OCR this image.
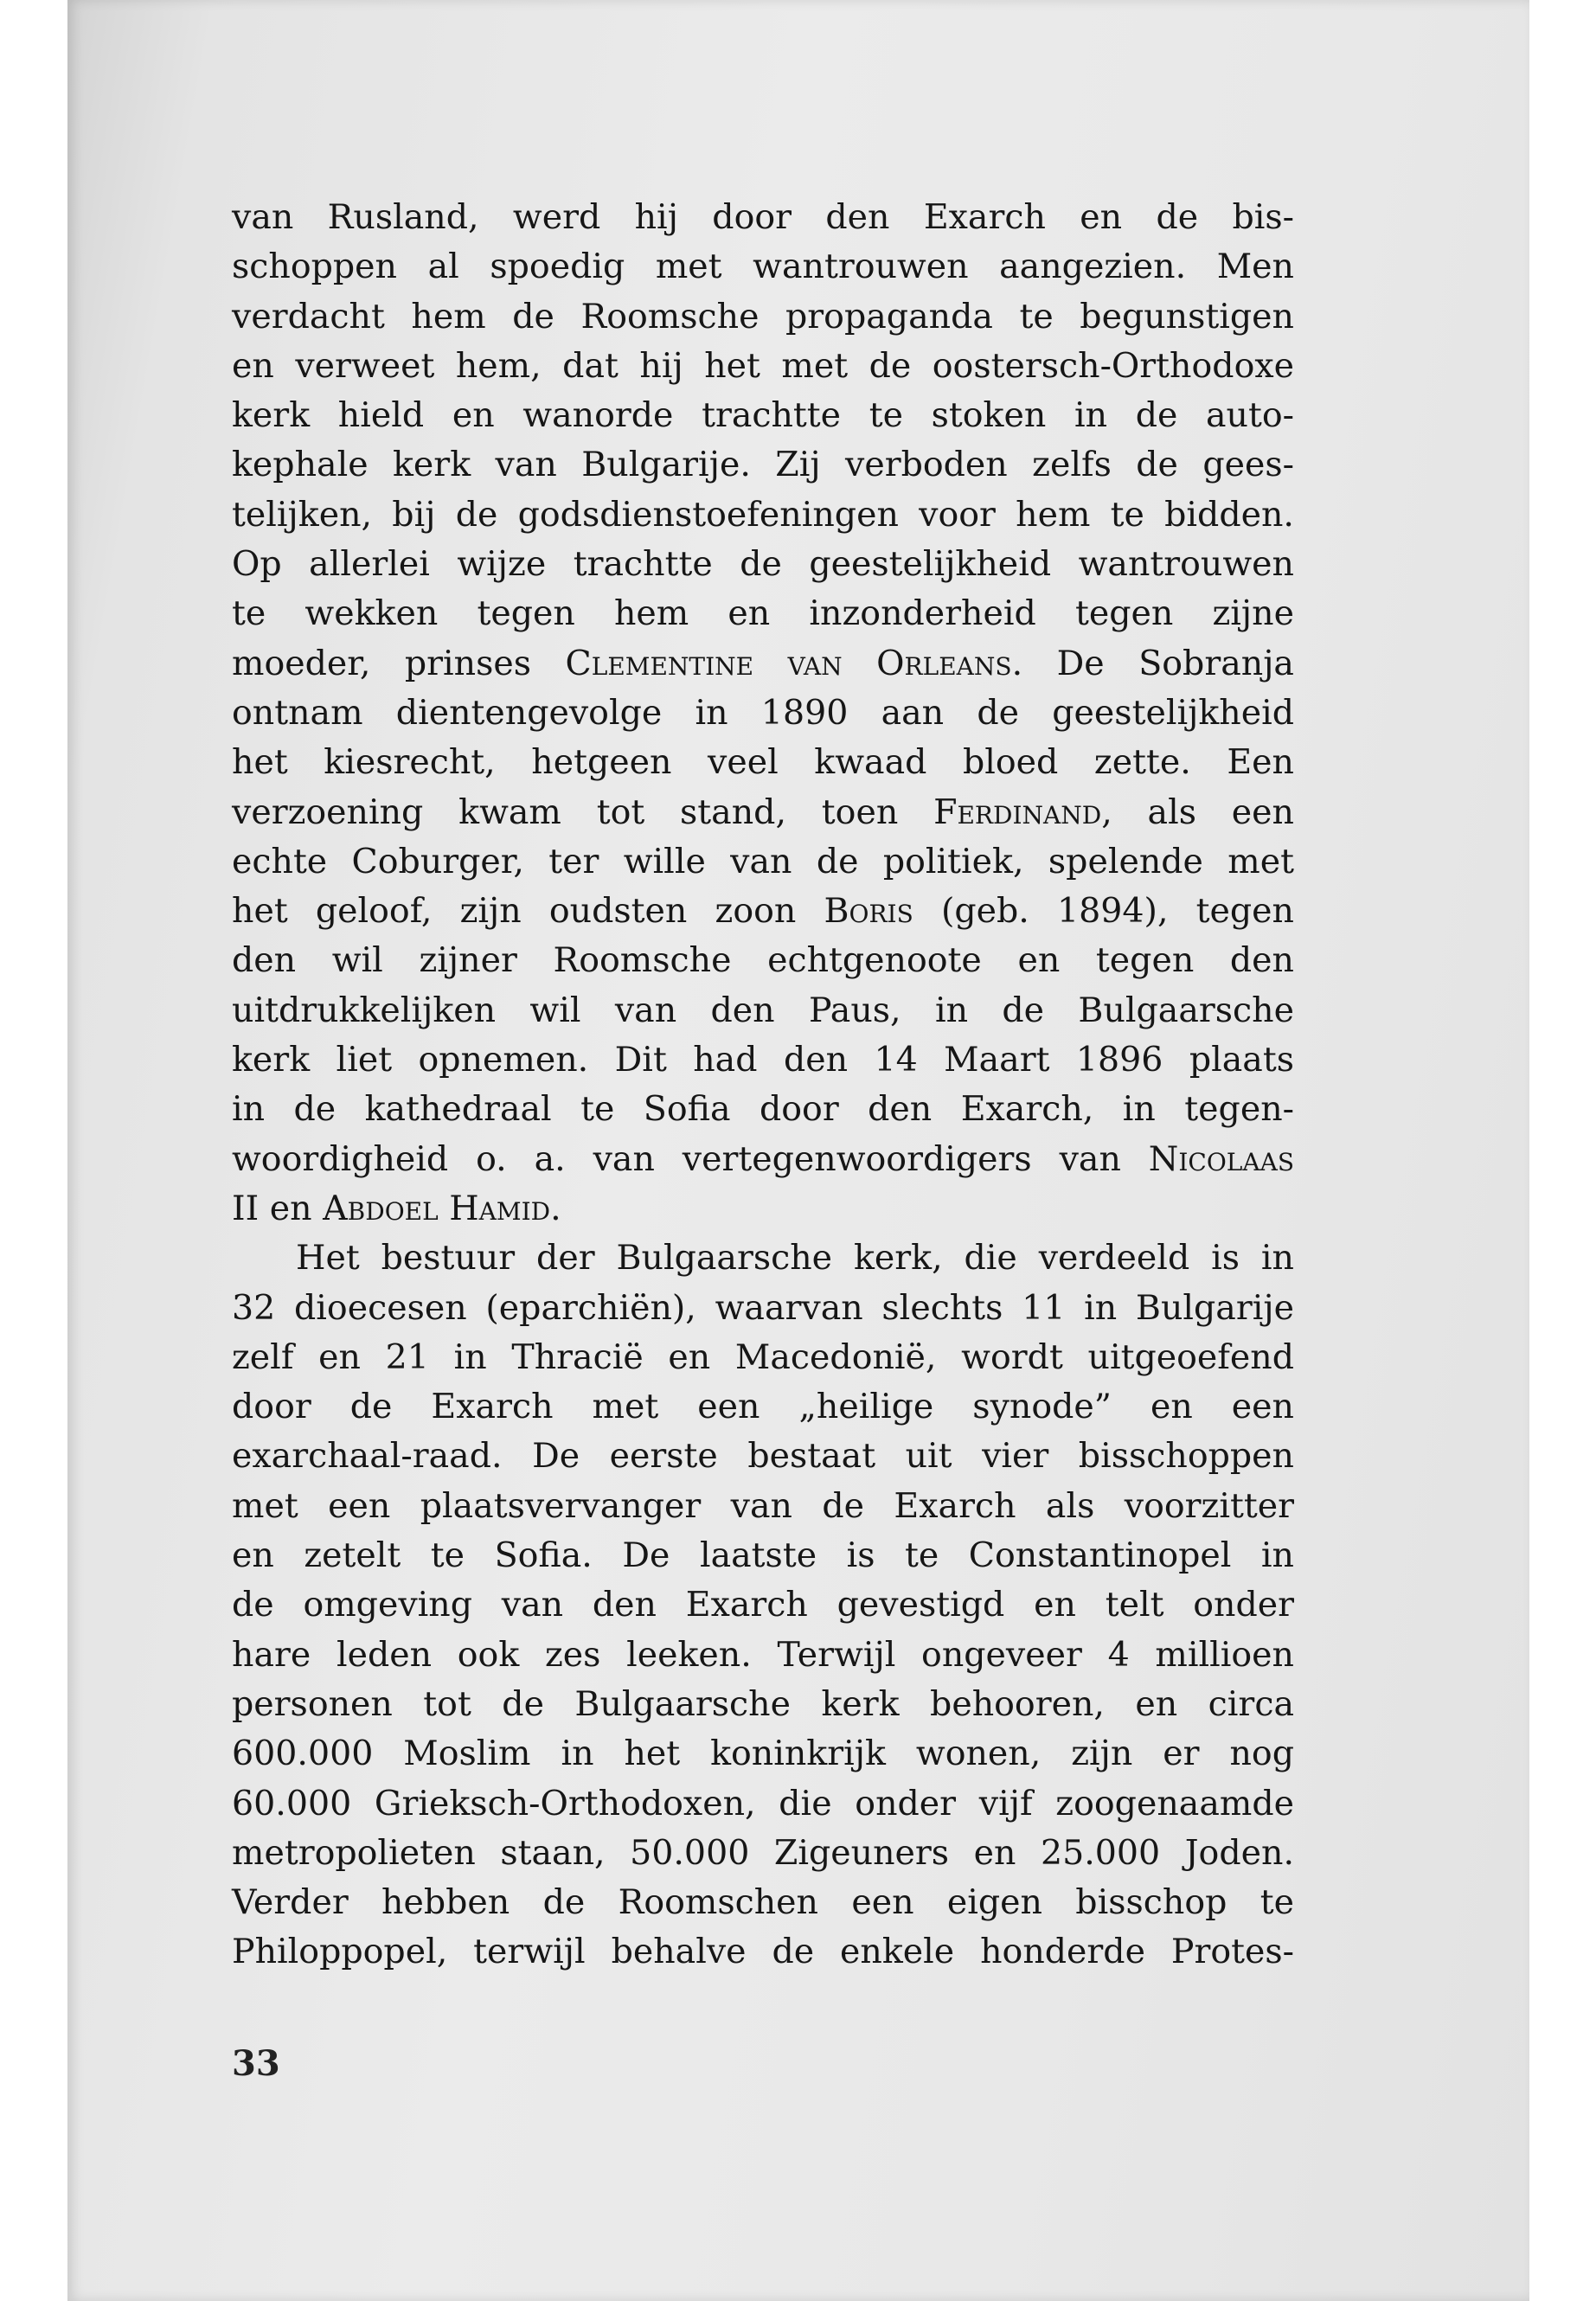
van Rusland, werd hij door den Exarch en de bis-
schoppen al spoedig met wantrouwen aangezien. Men
verdacht hem de Roomsche propaganda te begunstigen
en verweet hem, dat hij het met de oostersch-Orthodoxe
kerk hield en wanorde trachtte te stoken in de auto-
kephale kerk van Bulgarije. Zij verboden zelfs de gees-
telijken, bij de godsdienstoefeningen voor hem te bidden.
Op allerlei wijze trachtte de geestelijkheid wantrouwen
te wekken tegen hem en inzonderheid tegen zijne
moeder, prinses Clementine van Orleans. De Sobranja
ontnam dientengevolge in 1890 aan de geestelijkheid
het kiesrecht, hetgeen veel kwaad bloed zette. Een
verzoening kwam tot stand, toen Ferdinand, als een
echte Coburger, ter wille van de politiek, spelende met
het geloof, zijn oudsten zoon Boris (geb. 1894), tegen
den wil zijner Roomsche echtgenoote en tegen den
uitdrukkelijken wil van den Paus, in de Bulgaarsche
kerk liet opnemen. Dit had den 14 Maart 1896 plaats
in de kathedraal te Sofia door den Exarch, in tegen-
woordigheid o. a. van vertegenwoordigers van Nicolaas
II en Abdoel Hamid.
Het bestuur der Bulgaarsche kerk, die verdeeld is in
32 dioecesen (eparchiën), waarvan slechts 11 in Bulgarije
zelf en 21 in Thracië en Macedonië, wordt uitgeoefend
door de Exarch met een „heilige synode” en een
exarchaal-raad. De eerste bestaat uit vier bisschoppen
met een plaatsvervanger van de Exarch als voorzitter
en zetelt te Sofia. De laatste is te Constantinopel in
de omgeving van den Exarch gevestigd en telt onder
hare leden ook zes leeken. Terwijl ongeveer 4 millioen
personen tot de Bulgaarsche kerk behooren, en circa
600.000 Moslim in het koninkrijk wonen, zijn er nog
60.000 Grieksch-Orthodoxen, die onder vijf zoogenaamde
metropolieten staan, 50.000 Zigeuners en 25.000 Joden.
Verder hebben de Roomschen een eigen bisschop te
Philoppopel, terwijl behalve de enkele honderde Protes-
33
